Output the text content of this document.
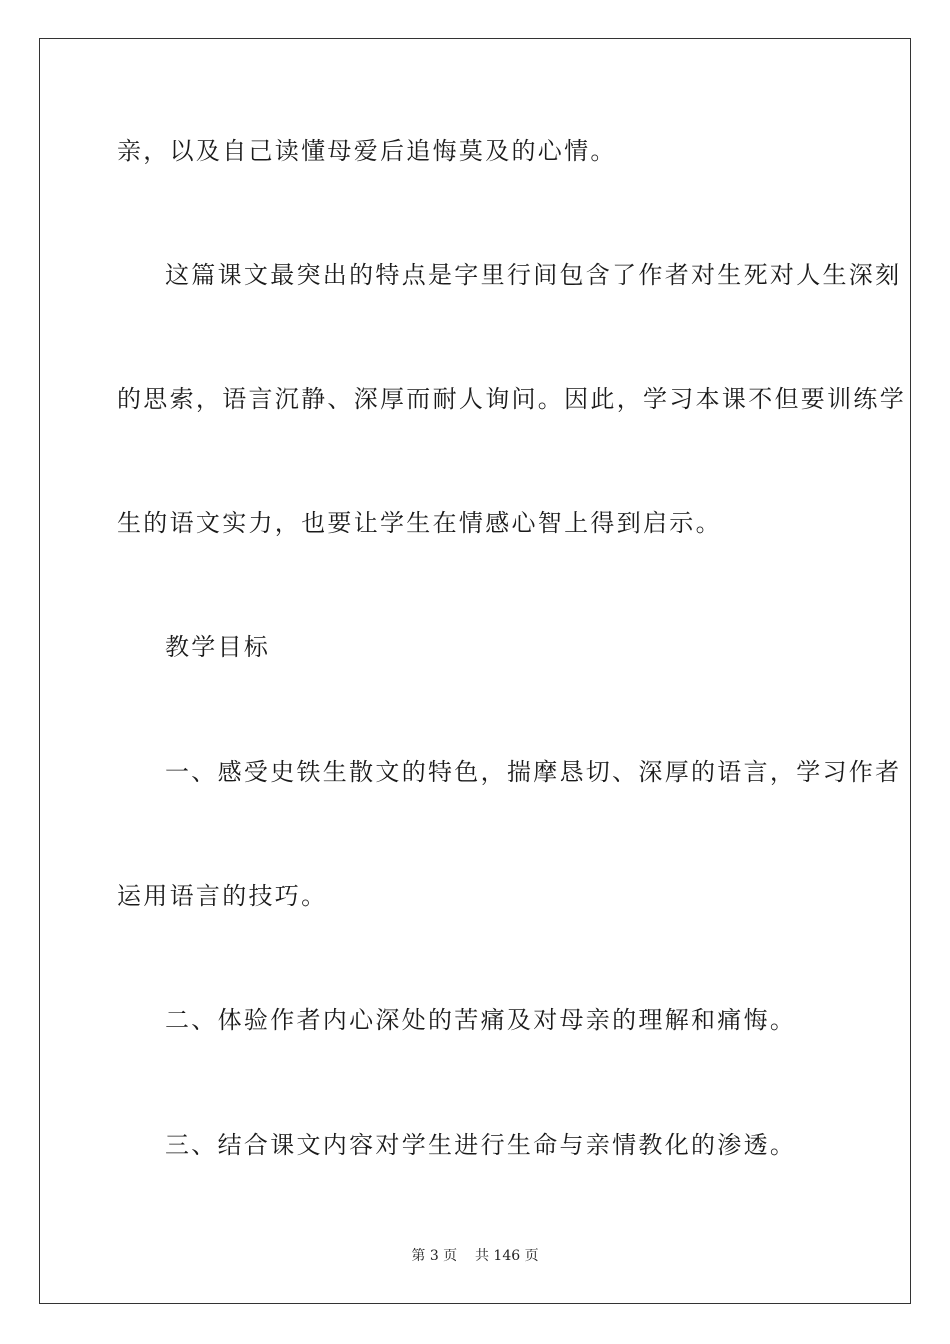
亲，以及自己读懂母爱后追悔莫及的心情。
这篇课文最突出的特点是字里行间包含了作者对生死对人生深刻
的思索，语言沉静、深厚而耐人询问。因此，学习本课不但要训练学
生的语文实力，也要让学生在情感心智上得到启示。
教学目标
一、感受史铁生散文的特色，揣摩恳切、深厚的语言，学习作者
运用语言的技巧。
二、体验作者内心深处的苦痛及对母亲的理解和痛悔。
三、结合课文内容对学生进行生命与亲情教化的渗透。
第 3 页    共 146 页
